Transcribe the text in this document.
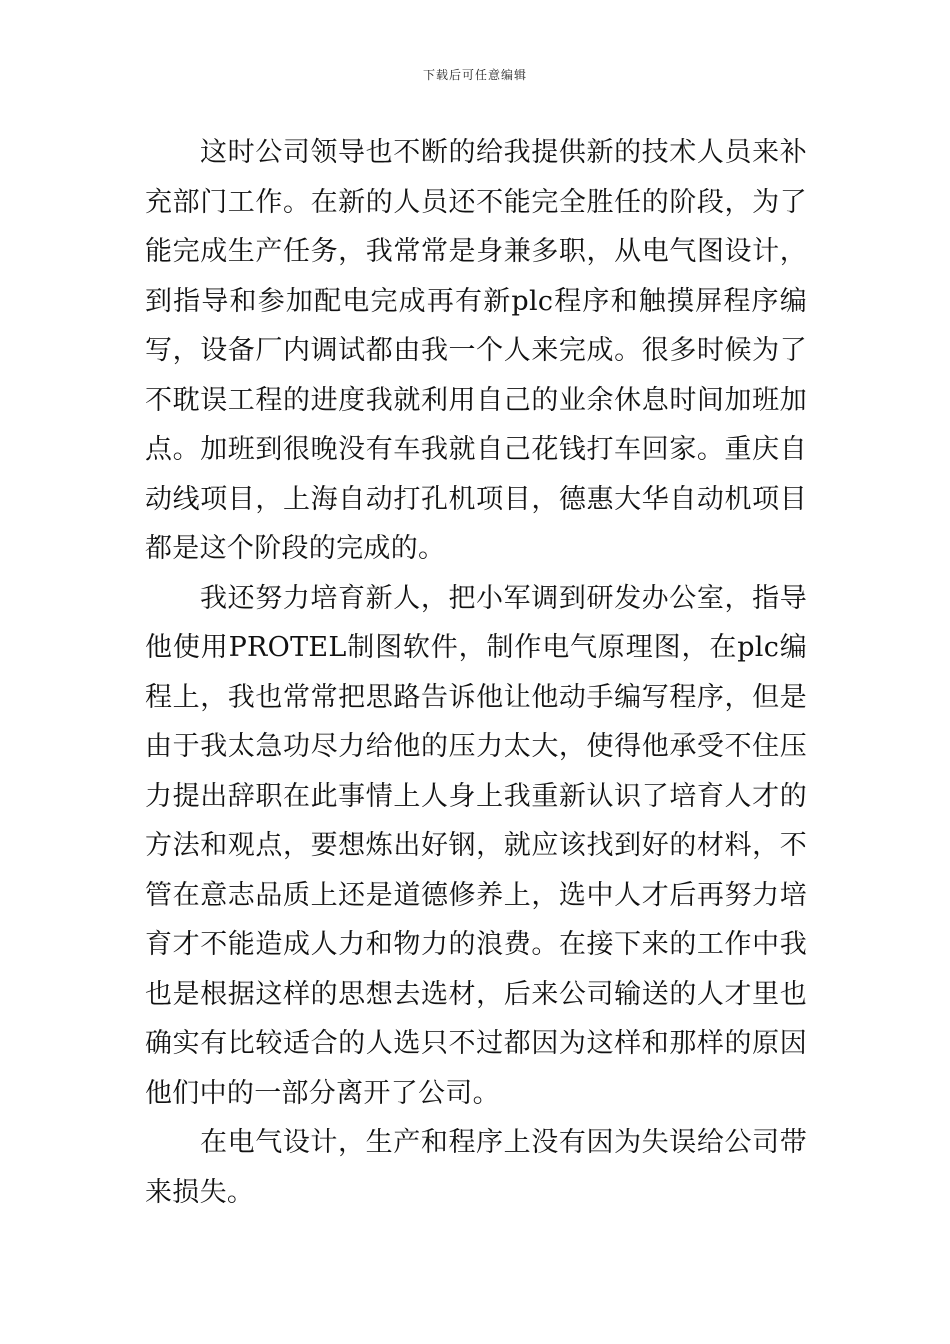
下载后可任意编辑

这时公司领导也不断的给我提供新的技术人员来补充部门工作。在新的人员还不能完全胜任的阶段，为了能完成生产任务，我常常是身兼多职，从电气图设计，到指导和参加配电完成再有新plc程序和触摸屏程序编写，设备厂内调试都由我一个人来完成。很多时候为了不耽误工程的进度我就利用自己的业余休息时间加班加点。加班到很晚没有车我就自己花钱打车回家。重庆自动线项目，上海自动打孔机项目，德惠大华自动机项目都是这个阶段的完成的。

我还努力培育新人，把小军调到研发办公室，指导他使用PROTEL制图软件，制作电气原理图，在plc编程上，我也常常把思路告诉他让他动手编写程序，但是由于我太急功尽力给他的压力太大，使得他承受不住压力提出辞职在此事情上人身上我重新认识了培育人才的方法和观点，要想炼出好钢，就应该找到好的材料，不管在意志品质上还是道德修养上，选中人才后再努力培育才不能造成人力和物力的浪费。在接下来的工作中我也是根据这样的思想去选材，后来公司输送的人才里也确实有比较适合的人选只不过都因为这样和那样的原因他们中的一部分离开了公司。

在电气设计，生产和程序上没有因为失误给公司带来损失。
